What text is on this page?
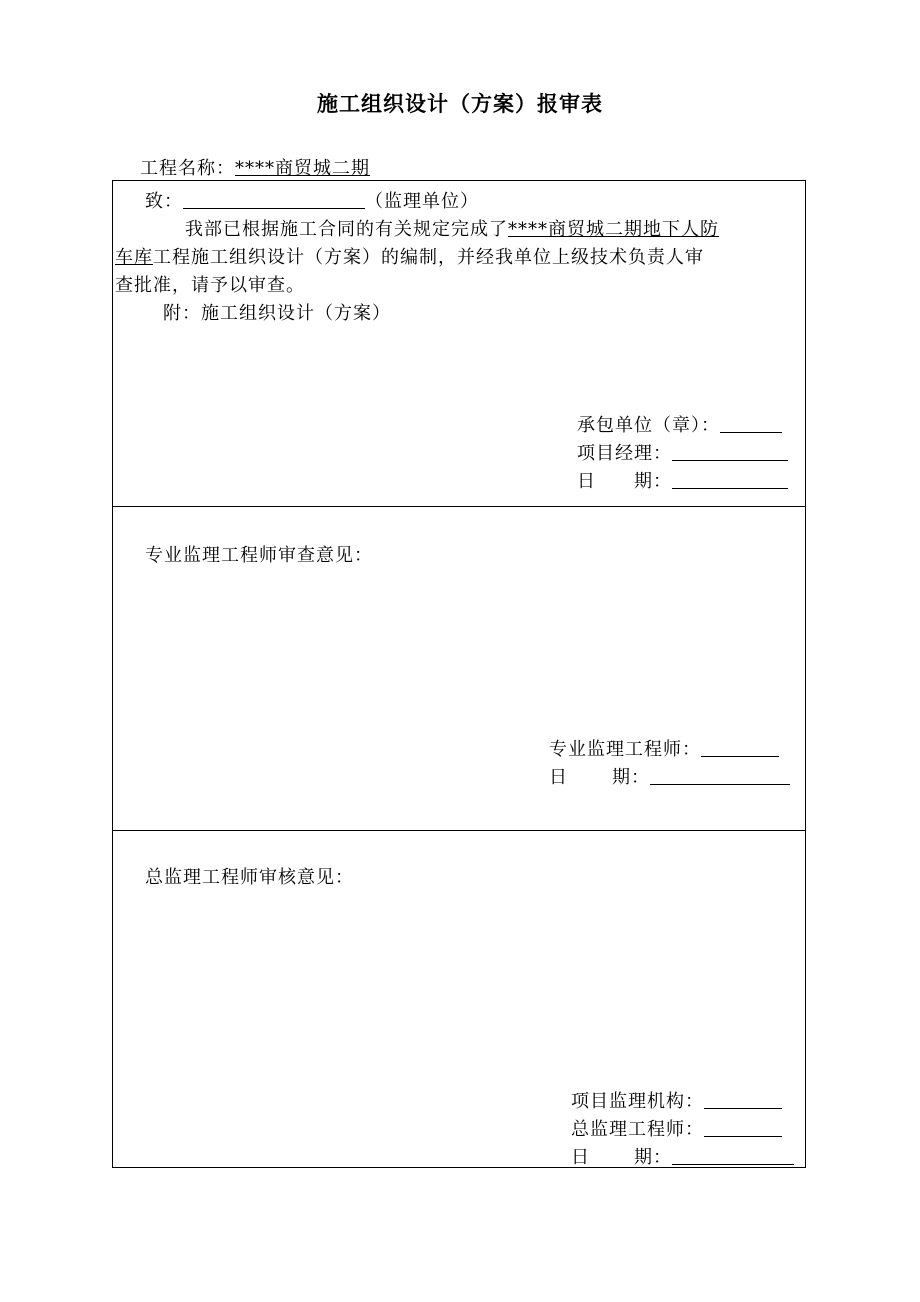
施工组织设计（方案）报审表
工程名称：****商贸城二期
致：	（监理单位）
我部已根据施工合同的有关规定完成了****商贸城二期地下人防
车库工程施工组织设计（方案）的编制，并经我单位上级技术负责人审
查批准，请予以审查。
附：施工组织设计（方案）
承包单位（章）：
项目经理：
日 期：
专业监理工程师审查意见：
专业监理工程师：
日 期：
总监理工程师审核意见：
项目监理机构：
总监理工程师：
日 期：
